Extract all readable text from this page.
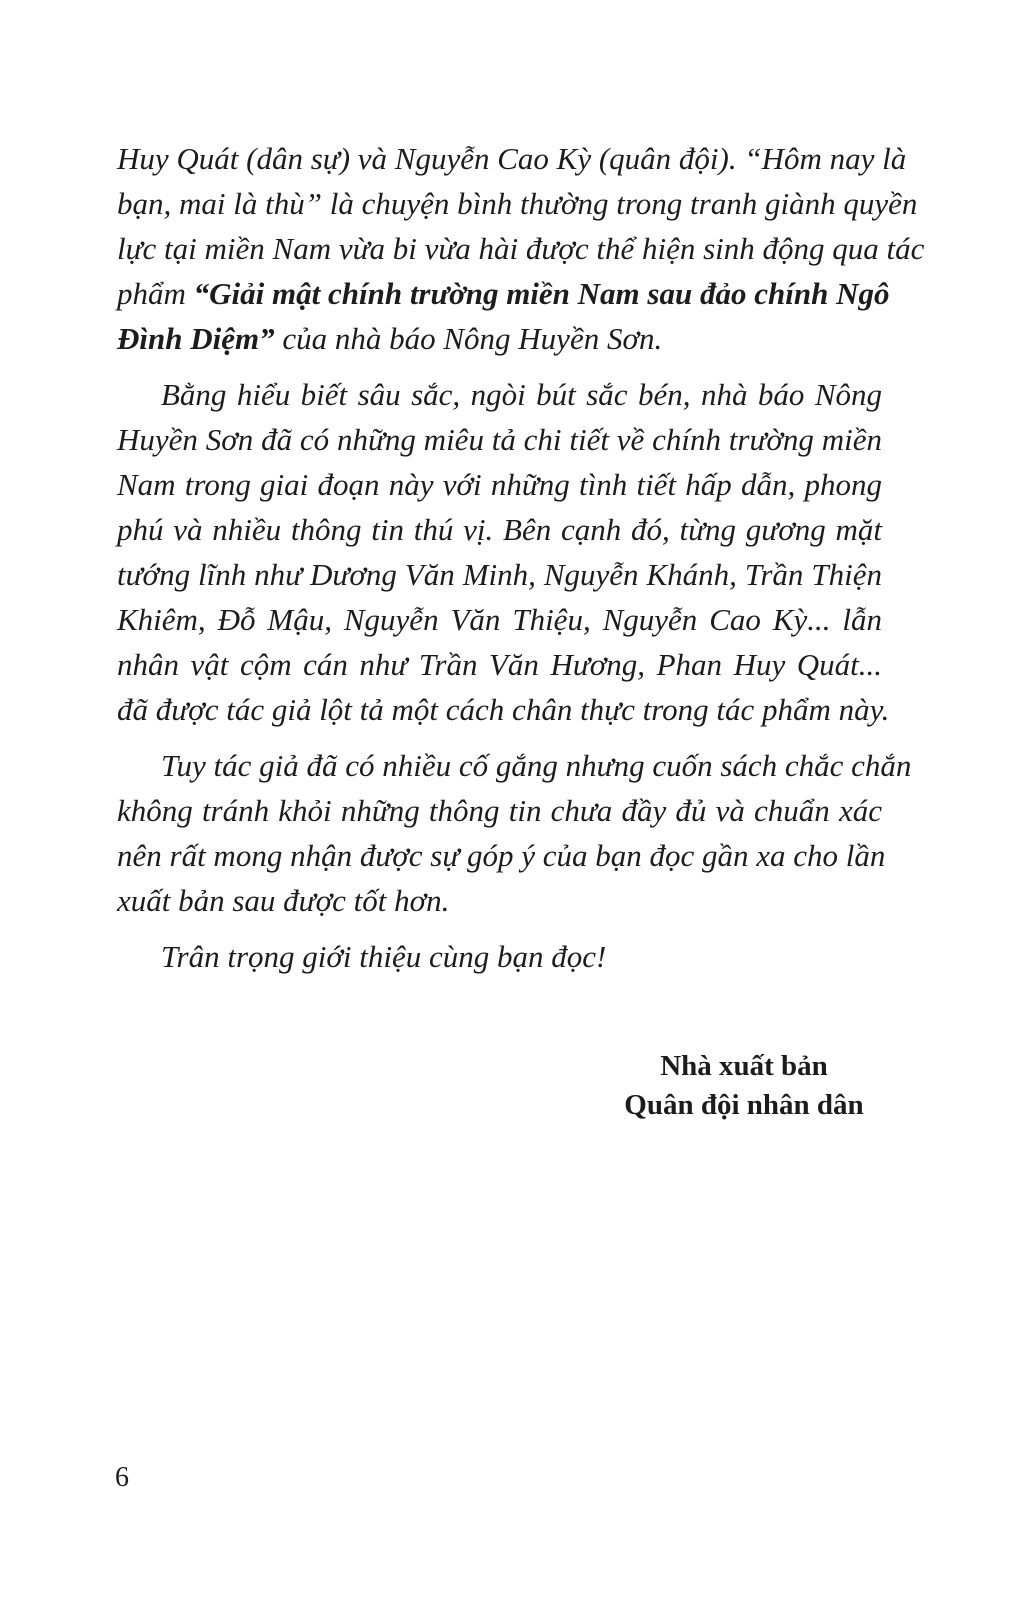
Huy Quát (dân sự) và Nguyễn Cao Kỳ (quân đội). “Hôm nay là
bạn, mai là thù” là chuyện bình thường trong tranh giành quyền
lực tại miền Nam vừa bi vừa hài được thể hiện sinh động qua tác
phẩm “Giải mật chính trường miền Nam sau đảo chính Ngô
Đình Diệm” của nhà báo Nông Huyền Sơn.
Bằng hiểu biết sâu sắc, ngòi bút sắc bén, nhà báo Nông
Huyền Sơn đã có những miêu tả chi tiết về chính trường miền
Nam trong giai đoạn này với những tình tiết hấp dẫn, phong
phú và nhiều thông tin thú vị. Bên cạnh đó, từng gương mặt
tướng lĩnh như Dương Văn Minh, Nguyễn Khánh, Trần Thiện
Khiêm, Đỗ Mậu, Nguyễn Văn Thiệu, Nguyễn Cao Kỳ... lẫn
nhân vật cộm cán như Trần Văn Hương, Phan Huy Quát...
đã được tác giả lột tả một cách chân thực trong tác phẩm này.
Tuy tác giả đã có nhiều cố gắng nhưng cuốn sách chắc chắn
không tránh khỏi những thông tin chưa đầy đủ và chuẩn xác
nên rất mong nhận được sự góp ý của bạn đọc gần xa cho lần
xuất bản sau được tốt hơn.
Trân trọng giới thiệu cùng bạn đọc!
Nhà xuất bản
Quân đội nhân dân
6
